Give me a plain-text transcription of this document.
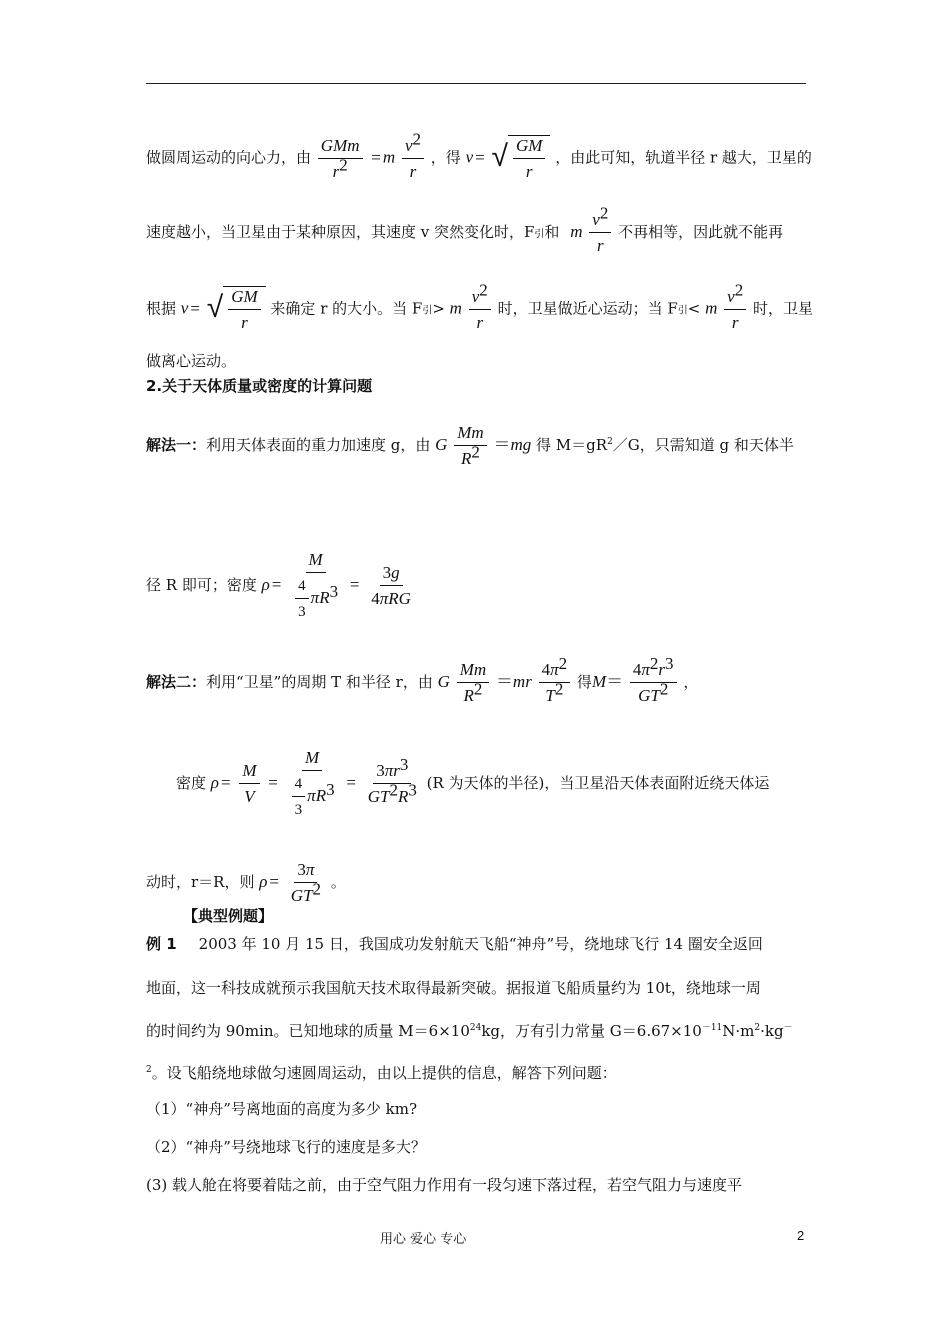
做圆周运动的向心力，由 $\frac{\text{GMm}}{r2} = m \frac{v2}{r}$ ，得 v = √ $\frac{GM}{r}$ ，由此可知，轨道半径 r 越大，卫星的
速度越小，当卫星由于某种原因，其速度 v 突然变化时，F引和 m $\frac{v2}{r}$ 不再相等，因此就不能再
根据 v = √ $\frac{GM}{r}$ 来确定 r 的大小。当 F引> m $\frac{v2}{r}$ 时，卫星做近心运动；当 F引< m $\frac{v2}{r}$ 时，卫星
做离心运动。
2.关于天体质量或密度的计算问题
解法一：利用天体表面的重力加速度 g，由 G $\frac{Mm}{R2} =mg$ 得 $M=gR^2/G$，只需知道 g 和天体半
径 R 即可；密度 $\rho = \frac{M}{\frac{4}{3} \pi R3} = \frac{3g}{\text{4πRG}}$
解法二：利用“卫星”的周期 T 和半径 r，由 G $\frac{Mm}{R2} =mr \frac{4\pi 2}{T2}$ 得$M= \frac{4\pi 2r3}{GT2}$ ，
密度 $\rho = \frac{M}{V} = \frac{M}{\frac{4}{3} \pi R3} = \frac{3\pi r3}{GT2R3} (R$ 为天体的半径)，当卫星沿天体表面附近绕天体运
动时，r＝R，则 $\rho = \frac{3\pi}{GT2}$ 。
【典型例题】
例 1 2003 年 10 月 15 日，我国成功发射航天飞船“神舟”号，绕地球飞行 14 圈安全返回
地面，这一科技成就预示我国航天技术取得最新突破。据报道飞船质量约为 10t，绕地球一周
的时间约为 90min。已知地球的质量 $M=6\times 10^{24}kg$，万有引力常量 $G=6.67\times 10^{-11}N\cdot m^2\cdot kg^-$
$^2$。设飞船绕地球做匀速圆周运动，由以上提供的信息，解答下列问题：
（1）“神舟”号离地面的高度为多少 km?
（2）“神舟”号绕地球飞行的速度是多大？
(3) 载人舱在将要着陆之前，由于空气阻力作用有一段匀速下落过程，若空气阻力与速度平
用心 爱心 专心	2
